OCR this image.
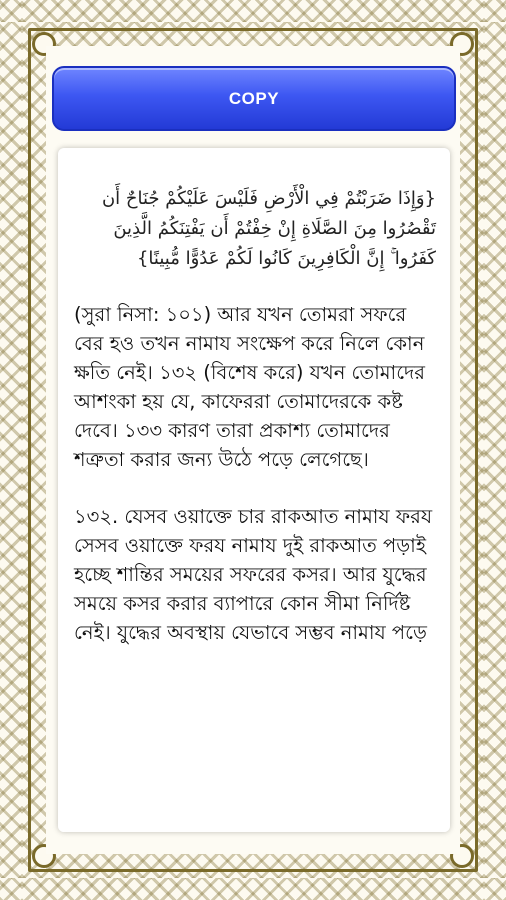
COPY

{وَإِذَا ضَرَبْتُمْ فِي الْأَرْضِ فَلَيْسَ عَلَيْكُمْ جُنَاحٌ أَن تَقْصُرُوا مِنَ الصَّلَاةِ إِنْ خِفْتُمْ أَن يَفْتِنَكُمُ الَّذِينَ كَفَرُوا ۚ إِنَّ الْكَافِرِينَ كَانُوا لَكُمْ عَدُوًّا مُّبِينًا}

(সুরা নিসা: ১০১) আর যখন তোমরা সফরে বের হও তখন নামায সংক্ষেপ করে নিলে কোন ক্ষতি নেই। ১৩২ (বিশেষ করে) যখন তোমাদের আশংকা হয় যে, কাফেররা তোমাদেরকে কষ্ট দেবে। ১৩৩ কারণ তারা প্রকাশ্য তোমাদের শত্রুতা করার জন্য উঠে পড়ে লেগেছে।

১৩২. যেসব ওয়াক্তে চার রাকআত নামায ফরয সেসব ওয়াক্তে ফরয নামায দুই রাকআত পড়াই হচ্ছে শান্তির সময়ের সফরের কসর। আর যুদ্ধের সময়ে কসর করার ব্যাপারে কোন সীমা নির্দিষ্ট নেই। যুদ্ধের অবস্থায় যেভাবে সম্ভব নামায পড়ে
